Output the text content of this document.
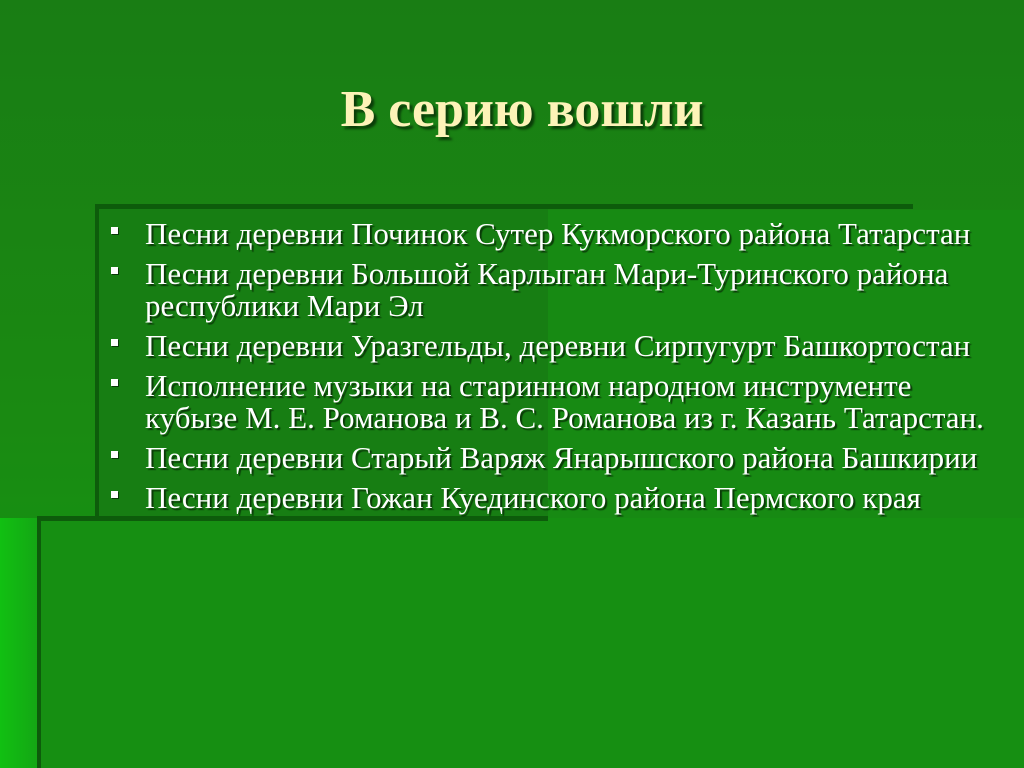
В серию вошли
Песни деревни Починок Сутер Кукморского района Татарстан
Песни деревни Большой Карлыган Мари-Туринского района республики Мари Эл
Песни деревни Уразгельды, деревни Сирпугурт Башкортостан
Исполнение музыки на старинном народном инструменте кубызе М. Е. Романова и В. С. Романова из г. Казань Татарстан.
Песни деревни Старый Варяж Янарышского района Башкирии
Песни деревни Гожан Куединского района Пермского края
